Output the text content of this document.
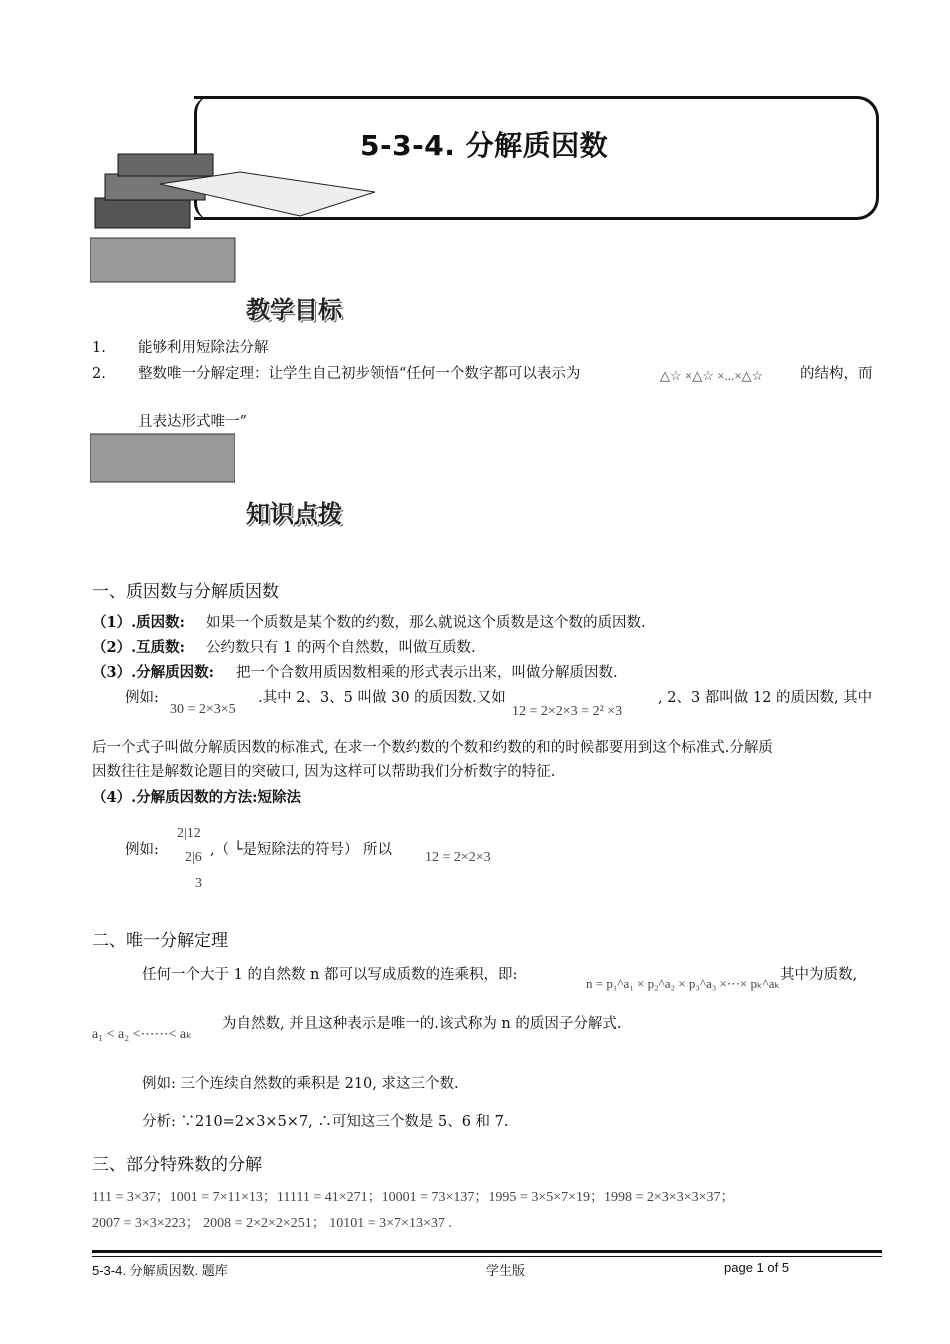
5-3-4. 分解质因数
教学目标
知识点拨
1. 能够利用短除法分解
2. 整数唯一分解定理：让学生自己初步领悟“任何一个数字都可以表示为	△☆ ×△☆ ×...×△☆	的结构，而
且表达形式唯一”
一、质因数与分解质因数
（1）.质因数: 如果一个质数是某个数的约数，那么就说这个质数是这个数的质因数.
（2）.互质数: 公约数只有 1 的两个自然数，叫做互质数.
（3）.分解质因数: 把一个合数用质因数相乘的形式表示出来，叫做分解质因数.
例如:
30 = 2×3×5
.其中 2、3、5 叫做 30 的质因数.又如
12 = 2×2×3 = 2² ×3
, 2、3 都叫做 12 的质因数, 其中
后一个式子叫做分解质因数的标准式, 在求一个数约数的个数和约数的和的时候都要用到这个标准式.分解质
因数往往是解数论题目的突破口, 因为这样可以帮助我们分析数字的特征.
（4）.分解质因数的方法:短除法
例如:
2|12
2|6
3
,（ └是短除法的符号） 所以 12 = 2×2×3
二、唯一分解定理
任何一个大于 1 的自然数 n 都可以写成质数的连乘积，即:
n = p₁^a₁ × p₂^a₂ × p₃^a₃ ×⋯× pₖ^aₖ
其中为质数,
a₁ < a₂ <⋯⋯< aₖ
为自然数, 并且这种表示是唯一的.该式称为 n 的质因子分解式.
例如: 三个连续自然数的乘积是 210, 求这三个数.
分析: ∵210=2×3×5×7, ∴可知这三个数是 5、6 和 7.
三、部分特殊数的分解
111 = 3×37；1001 = 7×11×13；11111 = 41×271；10001 = 73×137；1995 = 3×5×7×19；1998 = 2×3×3×3×37；
2007 = 3×3×223； 2008 = 2×2×2×251； 10101 = 3×7×13×37 .
5-3-4. 分解质因数. 题库	学生版	page 1 of 5
